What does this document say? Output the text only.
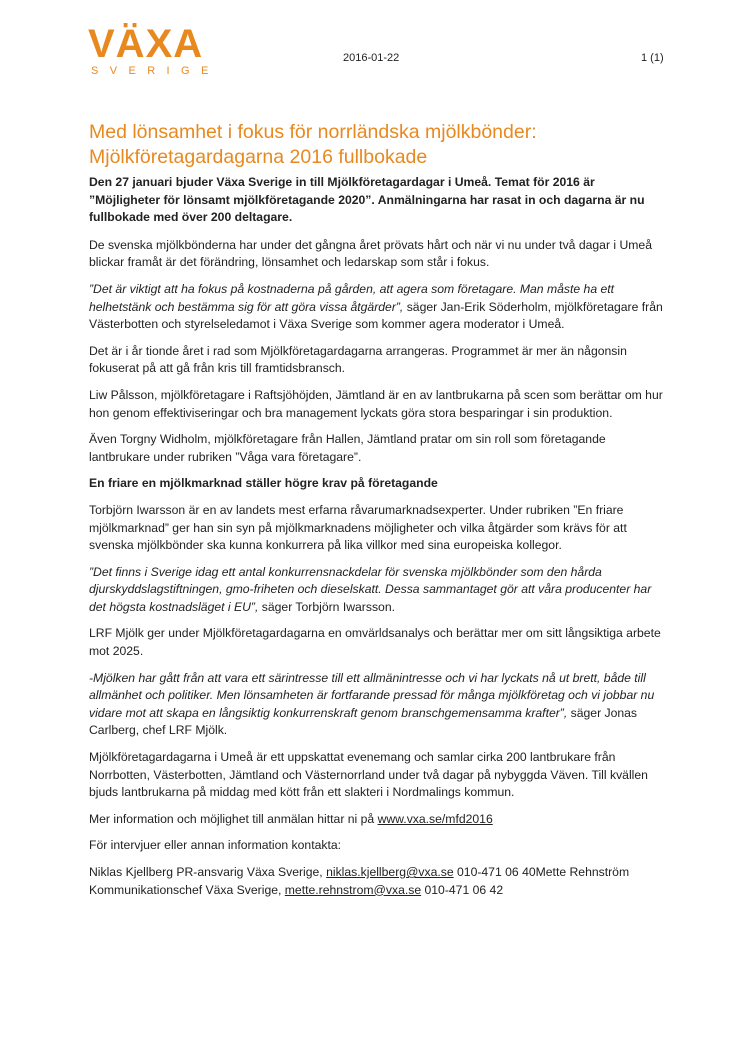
VÄXA
SVERIGE
2016-01-22	1 (1)
Med lönsamhet i fokus för norrländska mjölkbönder: Mjölkföretagardagarna 2016 fullbokade

Den 27 januari bjuder Växa Sverige in till Mjölkföretagardagar i Umeå. Temat för 2016 är ”Möjligheter för lönsamt mjölkföretagande 2020”. Anmälningarna har rasat in och dagarna är nu fullbokade med över 200 deltagare.

De svenska mjölkbönderna har under det gångna året prövats hårt och när vi nu under två dagar i Umeå blickar framåt är det förändring, lönsamhet och ledarskap som står i fokus.

”Det är viktigt att ha fokus på kostnaderna på gården, att agera som företagare. Man måste ha ett helhetstänk och bestämma sig för att göra vissa åtgärder”, säger Jan-Erik Söderholm, mjölkföretagare från Västerbotten och styrelseledamot i Växa Sverige som kommer agera moderator i Umeå.

Det är i år tionde året i rad som Mjölkföretagardagarna arrangeras. Programmet är mer än någonsin fokuserat på att gå från kris till framtidsbransch.

Liw Pålsson, mjölkföretagare i Raftsjöhöjden, Jämtland är en av lantbrukarna på scen som berättar om hur hon genom effektiviseringar och bra management lyckats göra stora besparingar i sin produktion.

Även Torgny Widholm, mjölkföretagare från Hallen, Jämtland pratar om sin roll som företagande lantbrukare under rubriken ”Våga vara företagare”.

En friare en mjölkmarknad ställer högre krav på företagande

Torbjörn Iwarsson är en av landets mest erfarna råvarumarknadsexperter. Under rubriken ”En friare mjölkmarknad” ger han sin syn på mjölkmarknadens möjligheter och vilka åtgärder som krävs för att svenska mjölkbönder ska kunna konkurrera på lika villkor med sina europeiska kollegor.

”Det finns i Sverige idag ett antal konkurrensnackdelar för svenska mjölkbönder som den hårda djurskyddslagstiftningen, gmo-friheten och dieselskatt. Dessa sammantaget gör att våra producenter har det högsta kostnadsläget i EU”, säger Torbjörn Iwarsson.

LRF Mjölk ger under Mjölkföretagardagarna en omvärldsanalys och berättar mer om sitt långsiktiga arbete mot 2025.

-Mjölken har gått från att vara ett särintresse till ett allmänintresse och vi har lyckats nå ut brett, både till allmänhet och politiker. Men lönsamheten är fortfarande pressad för många mjölkföretag och vi jobbar nu vidare mot att skapa en långsiktig konkurrenskraft genom branschgemensamma krafter”, säger Jonas Carlberg, chef LRF Mjölk.

Mjölkföretagardagarna i Umeå är ett uppskattat evenemang och samlar cirka 200 lantbrukare från Norrbotten, Västerbotten, Jämtland och Västernorrland under två dagar på nybyggda Väven. Till kvällen bjuds lantbrukarna på middag med kött från ett slakteri i Nordmalings kommun.

Mer information och möjlighet till anmälan hittar ni på www.vxa.se/mfd2016

För intervjuer eller annan information kontakta:

Niklas Kjellberg PR-ansvarig Växa Sverige, niklas.kjellberg@vxa.se 010-471 06 40Mette Rehnström Kommunikationschef Växa Sverige, mette.rehnstrom@vxa.se 010-471 06 42
